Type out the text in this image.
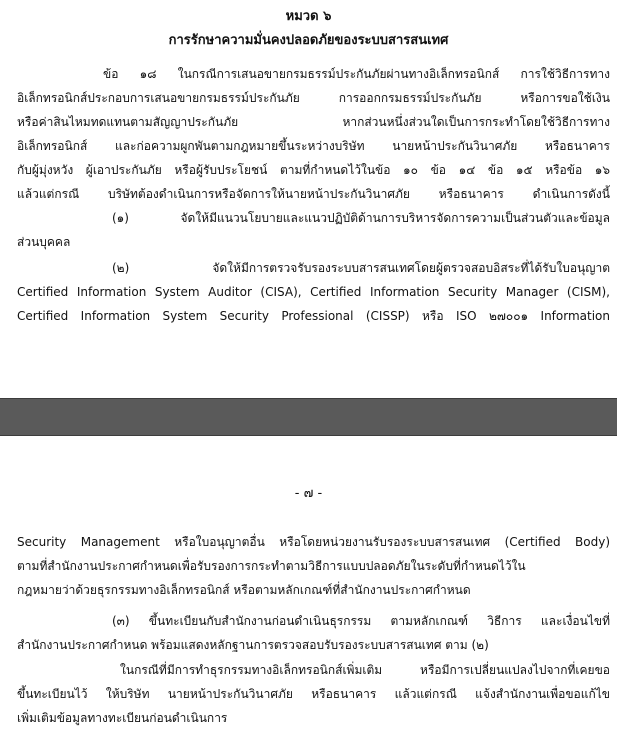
หมวด ๖
การรักษาความมั่นคงปลอดภัยของระบบสารสนเทศ
ข้อ ๑๘ ในกรณีการเสนอขายกรมธรรม์ประกันภัยผ่านทางอิเล็กทรอนิกส์ การใช้วิธีการทาง
อิเล็กทรอนิกส์ประกอบการเสนอขายกรมธรรม์ประกันภัย การออกกรมธรรม์ประกันภัย หรือการขอใช้เงิน
หรือค่าสินไหมทดแทนตามสัญญาประกันภัย หากส่วนหนึ่งส่วนใดเป็นการกระทำโดยใช้วิธีการทาง
อิเล็กทรอนิกส์ และก่อความผูกพันตามกฎหมายขึ้นระหว่างบริษัท นายหน้าประกันวินาศภัย หรือธนาคาร
กับผู้มุ่งหวัง ผู้เอาประกันภัย หรือผู้รับประโยชน์ ตามที่กำหนดไว้ในข้อ ๑๐ ข้อ ๑๔ ข้อ ๑๕ หรือข้อ ๑๖
แล้วแต่กรณี บริษัทต้องดำเนินการหรือจัดการให้นายหน้าประกันวินาศภัย หรือธนาคาร ดำเนินการดังนี้
(๑) จัดให้มีแนวนโยบายและแนวปฏิบัติด้านการบริหารจัดการความเป็นส่วนตัวและข้อมูล
ส่วนบุคคล
(๒) จัดให้มีการตรวจรับรองระบบสารสนเทศโดยผู้ตรวจสอบอิสระที่ได้รับใบอนุญาต
Certified Information System Auditor (CISA), Certified Information Security Manager (CISM),
Certified Information System Security Professional (CISSP) หรือ ISO ๒๗๐๐๑ Information
- ๗ -
Security Management หรือใบอนุญาตอื่น หรือโดยหน่วยงานรับรองระบบสารสนเทศ (Certified Body)
ตามที่สำนักงานประกาศกำหนดเพื่อรับรองการกระทำตามวิธีการแบบปลอดภัยในระดับที่กำหนดไว้ใน
กฎหมายว่าด้วยธุรกรรมทางอิเล็กทรอนิกส์ หรือตามหลักเกณฑ์ที่สำนักงานประกาศกำหนด
(๓) ขึ้นทะเบียนกับสำนักงานก่อนดำเนินธุรกรรม ตามหลักเกณฑ์ วิธีการ และเงื่อนไขที่
สำนักงานประกาศกำหนด พร้อมแสดงหลักฐานการตรวจสอบรับรองระบบสารสนเทศ ตาม (๒)
ในกรณีที่มีการทำธุรกรรมทางอิเล็กทรอนิกส์เพิ่มเติม หรือมีการเปลี่ยนแปลงไปจากที่เคยขอ
ขึ้นทะเบียนไว้ ให้บริษัท นายหน้าประกันวินาศภัย หรือธนาคาร แล้วแต่กรณี แจ้งสำนักงานเพื่อขอแก้ไข
เพิ่มเติมข้อมูลทางทะเบียนก่อนดำเนินการ
